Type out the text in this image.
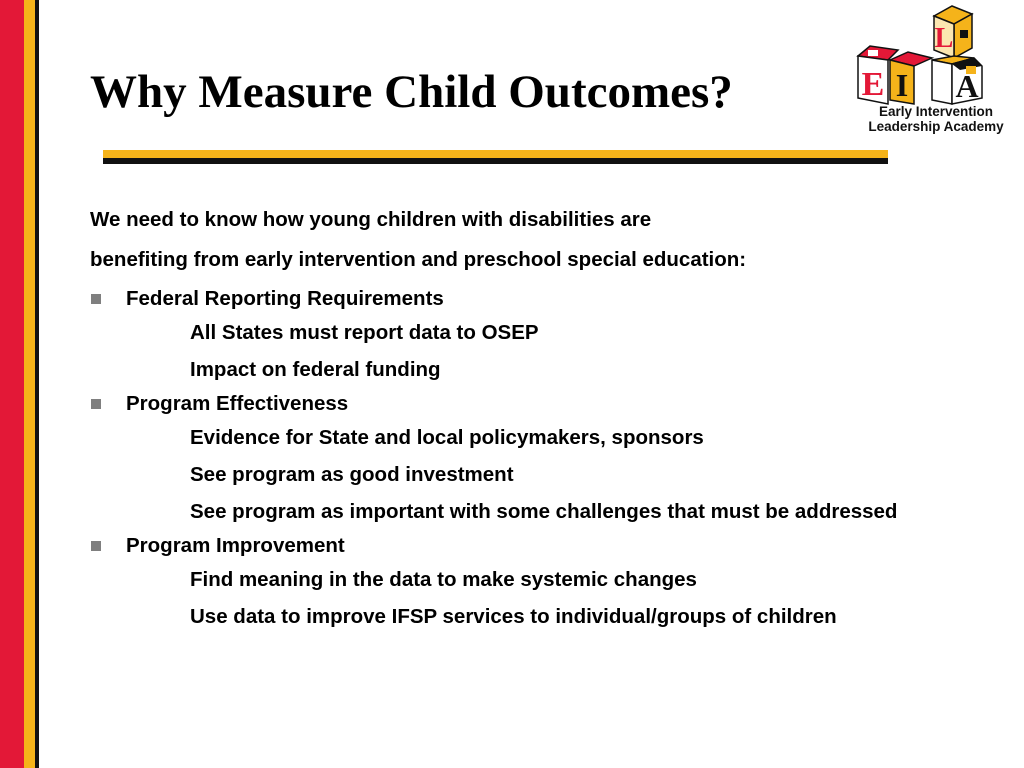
Why Measure Child Outcomes?
L
E I A
Early Intervention
Leadership Academy
We need to know how young children with disabilities are
benefiting from early intervention and preschool special education:
Federal Reporting Requirements
All States must report data to OSEP
Impact on federal funding
Program Effectiveness
Evidence for State and local policymakers, sponsors
See program as good investment
See program as important with some challenges that must be addressed
Program Improvement
Find meaning in the data to make systemic changes
Use data to improve IFSP services to individual/groups of children
